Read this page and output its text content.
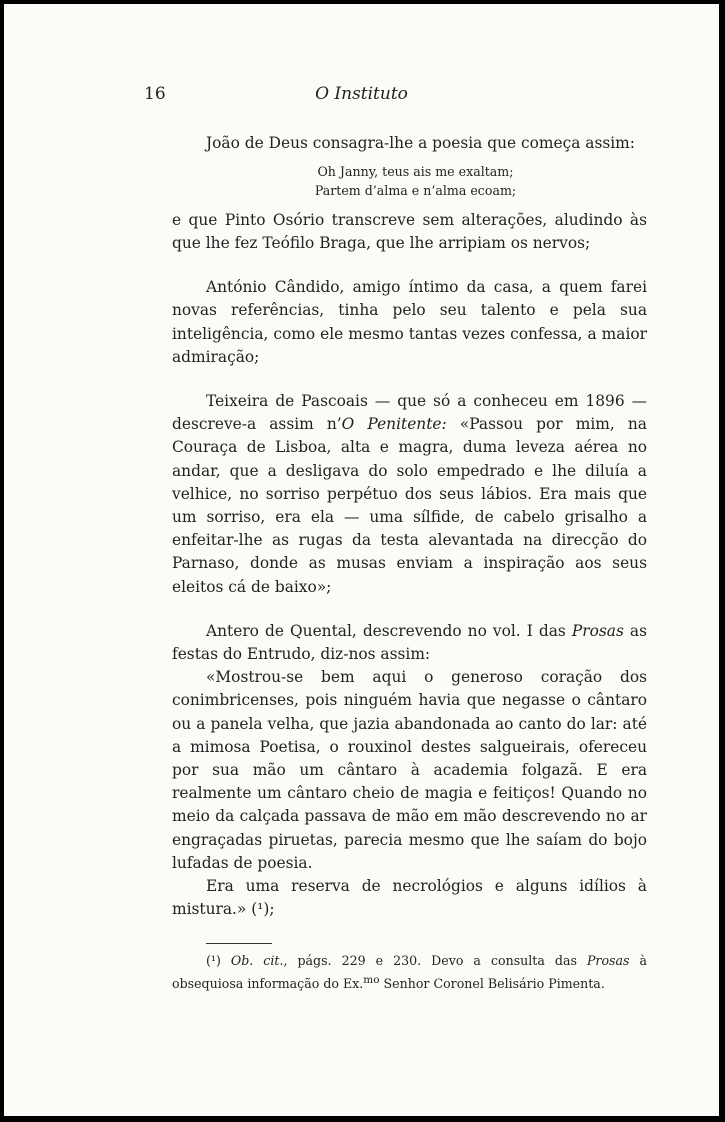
16	O Instituto

João de Deus consagra-lhe a poesia que começa assim:

Oh Janny, teus ais me exaltam;
Partem d’alma e n’alma ecoam;

e que Pinto Osório transcreve sem alterações, aludindo às que lhe fez Teófilo Braga, que lhe arripiam os nervos;

António Cândido, amigo íntimo da casa, a quem farei novas referências, tinha pelo seu talento e pela sua inteligência, como ele mesmo tantas vezes confessa, a maior admiração;

Teixeira de Pascoais — que só a conheceu em 1896 — descreve-a assim n’O Penitente: «Passou por mim, na Couraça de Lisboa, alta e magra, duma leveza aérea no andar, que a desligava do solo empedrado e lhe diluía a velhice, no sorriso perpétuo dos seus lábios. Era mais que um sorriso, era ela — uma sílfide, de cabelo grisalho a enfeitar-lhe as rugas da testa alevantada na direcção do Parnaso, donde as musas enviam a inspiração aos seus eleitos cá de baixo»;

Antero de Quental, descrevendo no vol. I das Prosas as festas do Entrudo, diz-nos assim:

«Mostrou-se bem aqui o generoso coração dos conimbricenses, pois ninguém havia que negasse o cântaro ou a panela velha, que jazia abandonada ao canto do lar: até a mimosa Poetisa, o rouxinol destes salgueirais, ofereceu por sua mão um cântaro à academia folgazã. E era realmente um cântaro cheio de magia e feitiços! Quando no meio da calçada passava de mão em mão descrevendo no ar engraçadas piruetas, parecia mesmo que lhe saíam do bojo lufadas de poesia.

Era uma reserva de necrológios e alguns idílios à mistura.» (¹);

(¹) Ob. cit., págs. 229 e 230. Devo a consulta das Prosas à obsequiosa informação do Ex.$^{mo}$ Senhor Coronel Belisário Pimenta.
